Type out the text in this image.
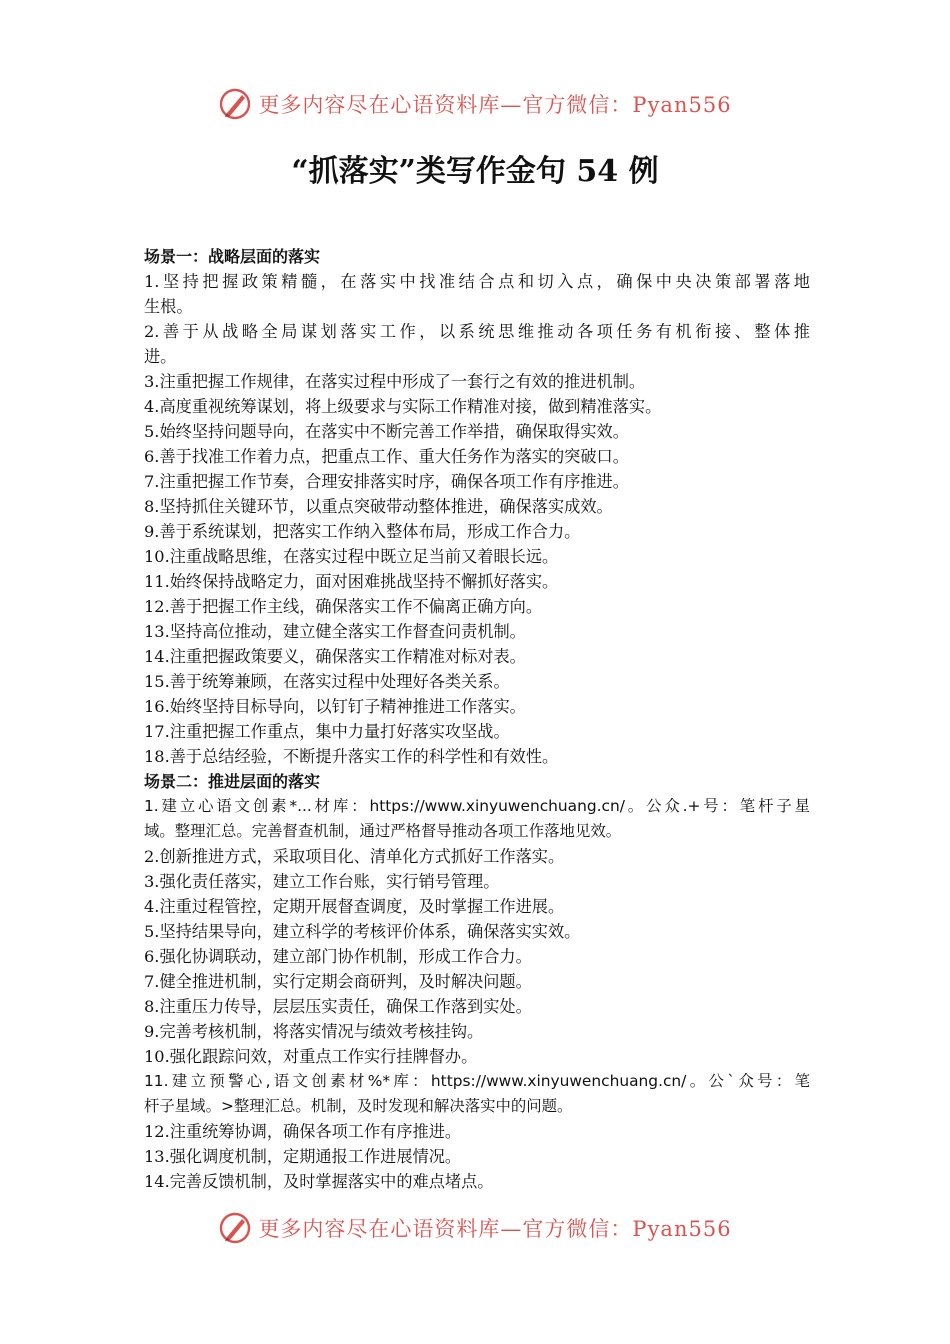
更多内容尽在心语资料库—官方微信：Pyan556
“抓落实”类写作金句 54 例
场景一：战略层面的落实
1.坚持把握政策精髓，在落实中找准结合点和切入点，确保中央决策部署落地
生根。
2.善于从战略全局谋划落实工作，以系统思维推动各项任务有机衔接、整体推
进。
3.注重把握工作规律，在落实过程中形成了一套行之有效的推进机制。
4.高度重视统筹谋划，将上级要求与实际工作精准对接，做到精准落实。
5.始终坚持问题导向，在落实中不断完善工作举措，确保取得实效。
6.善于找准工作着力点，把重点工作、重大任务作为落实的突破口。
7.注重把握工作节奏，合理安排落实时序，确保各项工作有序推进。
8.坚持抓住关键环节，以重点突破带动整体推进，确保落实成效。
9.善于系统谋划，把落实工作纳入整体布局，形成工作合力。
10.注重战略思维，在落实过程中既立足当前又着眼长远。
11.始终保持战略定力，面对困难挑战坚持不懈抓好落实。
12.善于把握工作主线，确保落实工作不偏离正确方向。
13.坚持高位推动，建立健全落实工作督查问责机制。
14.注重把握政策要义，确保落实工作精准对标对表。
15.善于统筹兼顾，在落实过程中处理好各类关系。
16.始终坚持目标导向，以钉钉子精神推进工作落实。
17.注重把握工作重点，集中力量打好落实攻坚战。
18.善于总结经验，不断提升落实工作的科学性和有效性。
场景二：推进层面的落实
1.建立心语文创素*...材库：https://www.xinyuwenchuang.cn/。公众.+号：笔杆子星
域。整理汇总。完善督查机制，通过严格督导推动各项工作落地见效。
2.创新推进方式，采取项目化、清单化方式抓好工作落实。
3.强化责任落实，建立工作台账，实行销号管理。
4.注重过程管控，定期开展督查调度，及时掌握工作进展。
5.坚持结果导向，建立科学的考核评价体系，确保落实实效。
6.强化协调联动，建立部门协作机制，形成工作合力。
7.健全推进机制，实行定期会商研判，及时解决问题。
8.注重压力传导，层层压实责任，确保工作落到实处。
9.完善考核机制，将落实情况与绩效考核挂钩。
10.强化跟踪问效，对重点工作实行挂牌督办。
11.建立预警心,语文创素材%*库：https://www.xinyuwenchuang.cn/。公`众号：笔
杆子星域。>整理汇总。机制，及时发现和解决落实中的问题。
12.注重统筹协调，确保各项工作有序推进。
13.强化调度机制，定期通报工作进展情况。
14.完善反馈机制，及时掌握落实中的难点堵点。
更多内容尽在心语资料库—官方微信：Pyan556
